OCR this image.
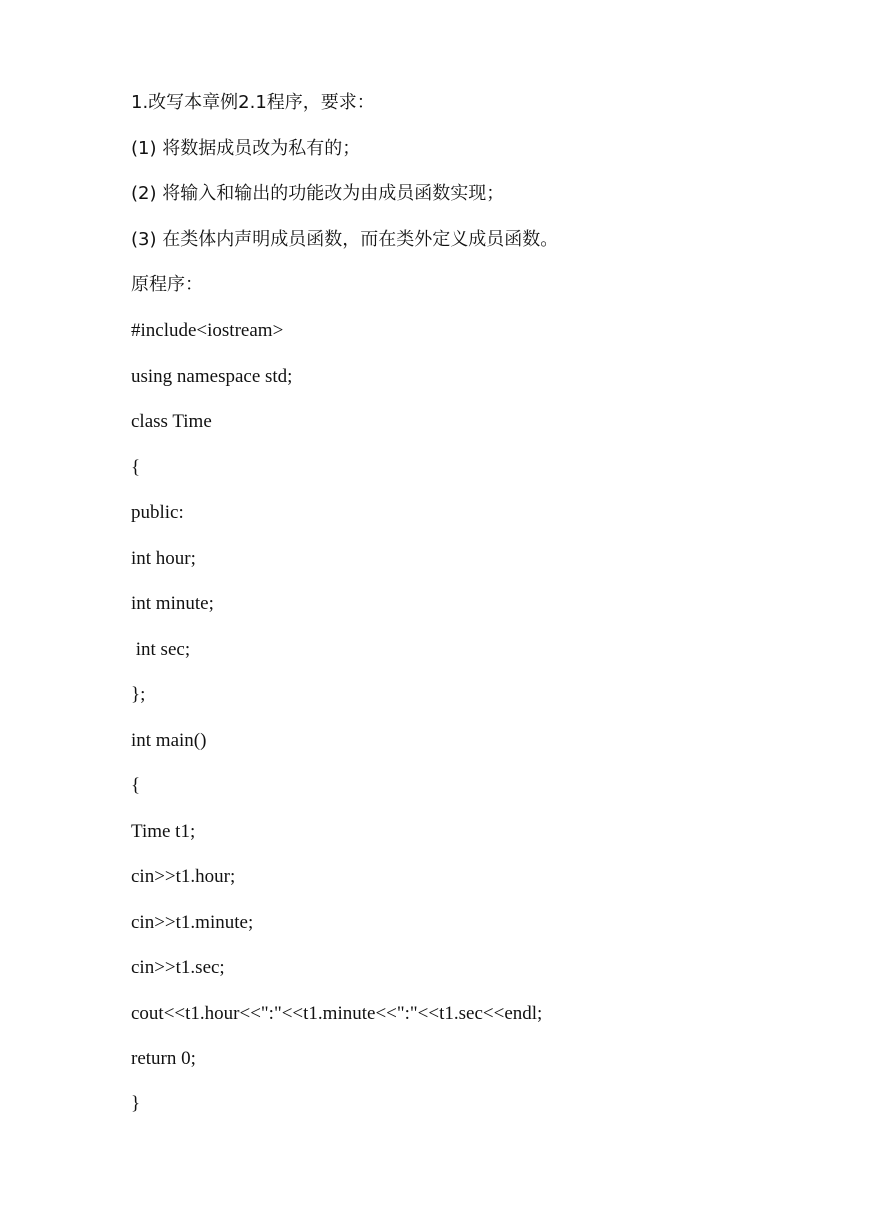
1.改写本章例2.1程序，要求：
(1) 将数据成员改为私有的；
(2) 将输入和输出的功能改为由成员函数实现；
(3) 在类体内声明成员函数，而在类外定义成员函数。
原程序：
#include<iostream>
using namespace std;
class Time
{
public:
int hour;
int minute;
int sec;
};
int main()
{
Time t1;
cin>>t1.hour;
cin>>t1.minute;
cin>>t1.sec;
cout<<t1.hour<<":"<<t1.minute<<":"<<t1.sec<<endl;
return 0;
}
